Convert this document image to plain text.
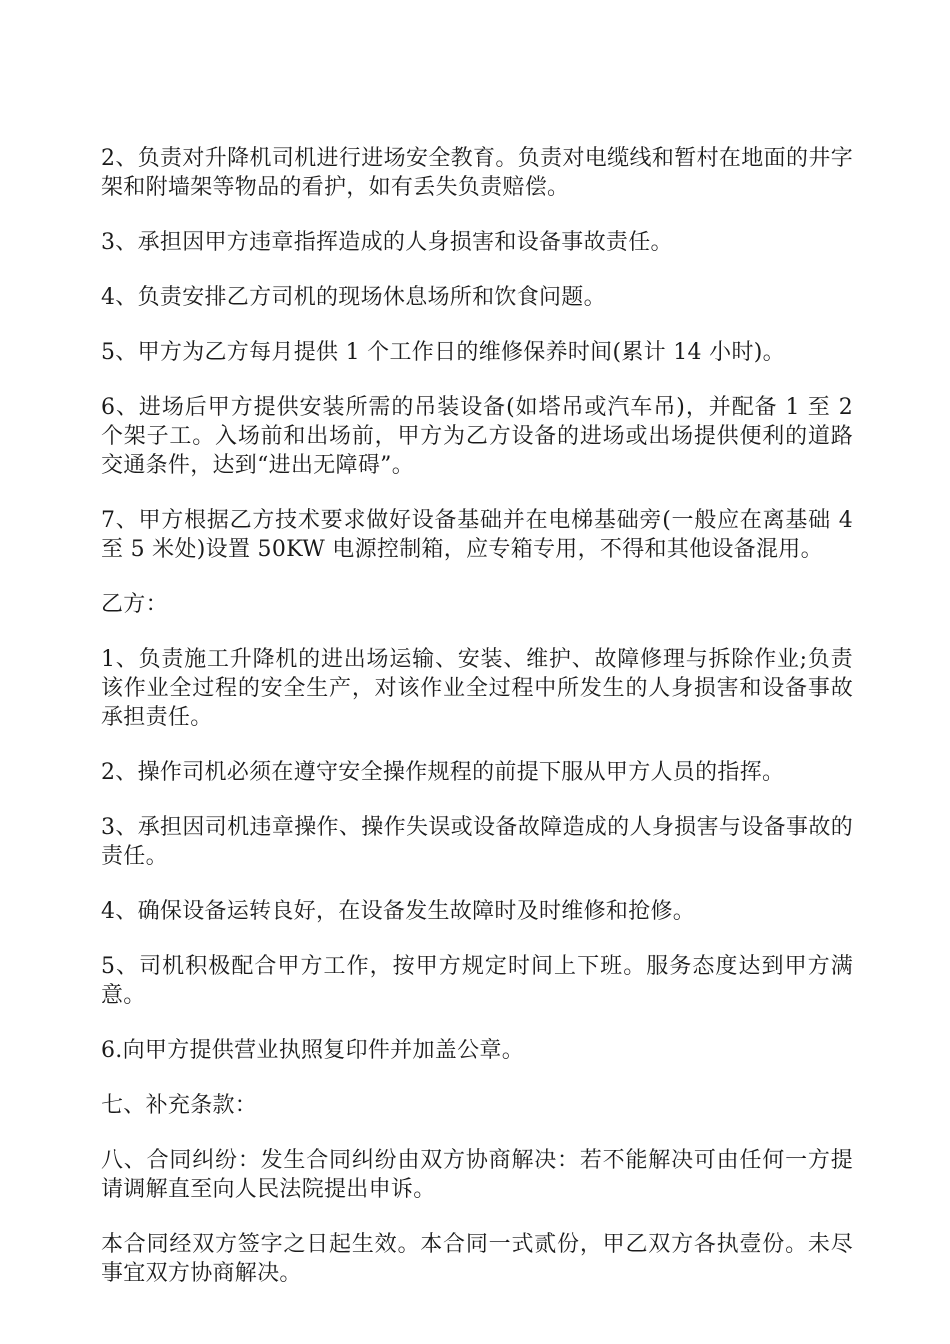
2、负责对升降机司机进行进场安全教育。负责对电缆线和暂村在地面的井字架和附墙架等物品的看护，如有丢失负责赔偿。

3、承担因甲方违章指挥造成的人身损害和设备事故责任。

4、负责安排乙方司机的现场休息场所和饮食问题。

5、甲方为乙方每月提供 1 个工作日的维修保养时间(累计 14 小时)。

6、进场后甲方提供安装所需的吊装设备(如塔吊或汽车吊)，并配备 1 至 2 个架子工。入场前和出场前，甲方为乙方设备的进场或出场提供便利的道路交通条件，达到“进出无障碍”。

7、甲方根据乙方技术要求做好设备基础并在电梯基础旁(一般应在离基础 4 至 5 米处)设置 50KW 电源控制箱，应专箱专用，不得和其他设备混用。

乙方：

1、负责施工升降机的进出场运输、安装、维护、故障修理与拆除作业;负责该作业全过程的安全生产，对该作业全过程中所发生的人身损害和设备事故承担责任。

2、操作司机必须在遵守安全操作规程的前提下服从甲方人员的指挥。

3、承担因司机违章操作、操作失误或设备故障造成的人身损害与设备事故的责任。

4、确保设备运转良好，在设备发生故障时及时维修和抢修。

5、司机积极配合甲方工作，按甲方规定时间上下班。服务态度达到甲方满意。

6.向甲方提供营业执照复印件并加盖公章。

七、补充条款：

八、合同纠纷：发生合同纠纷由双方协商解决：若不能解决可由任何一方提请调解直至向人民法院提出申诉。

本合同经双方签字之日起生效。本合同一式贰份，甲乙双方各执壹份。未尽事宜双方协商解决。
